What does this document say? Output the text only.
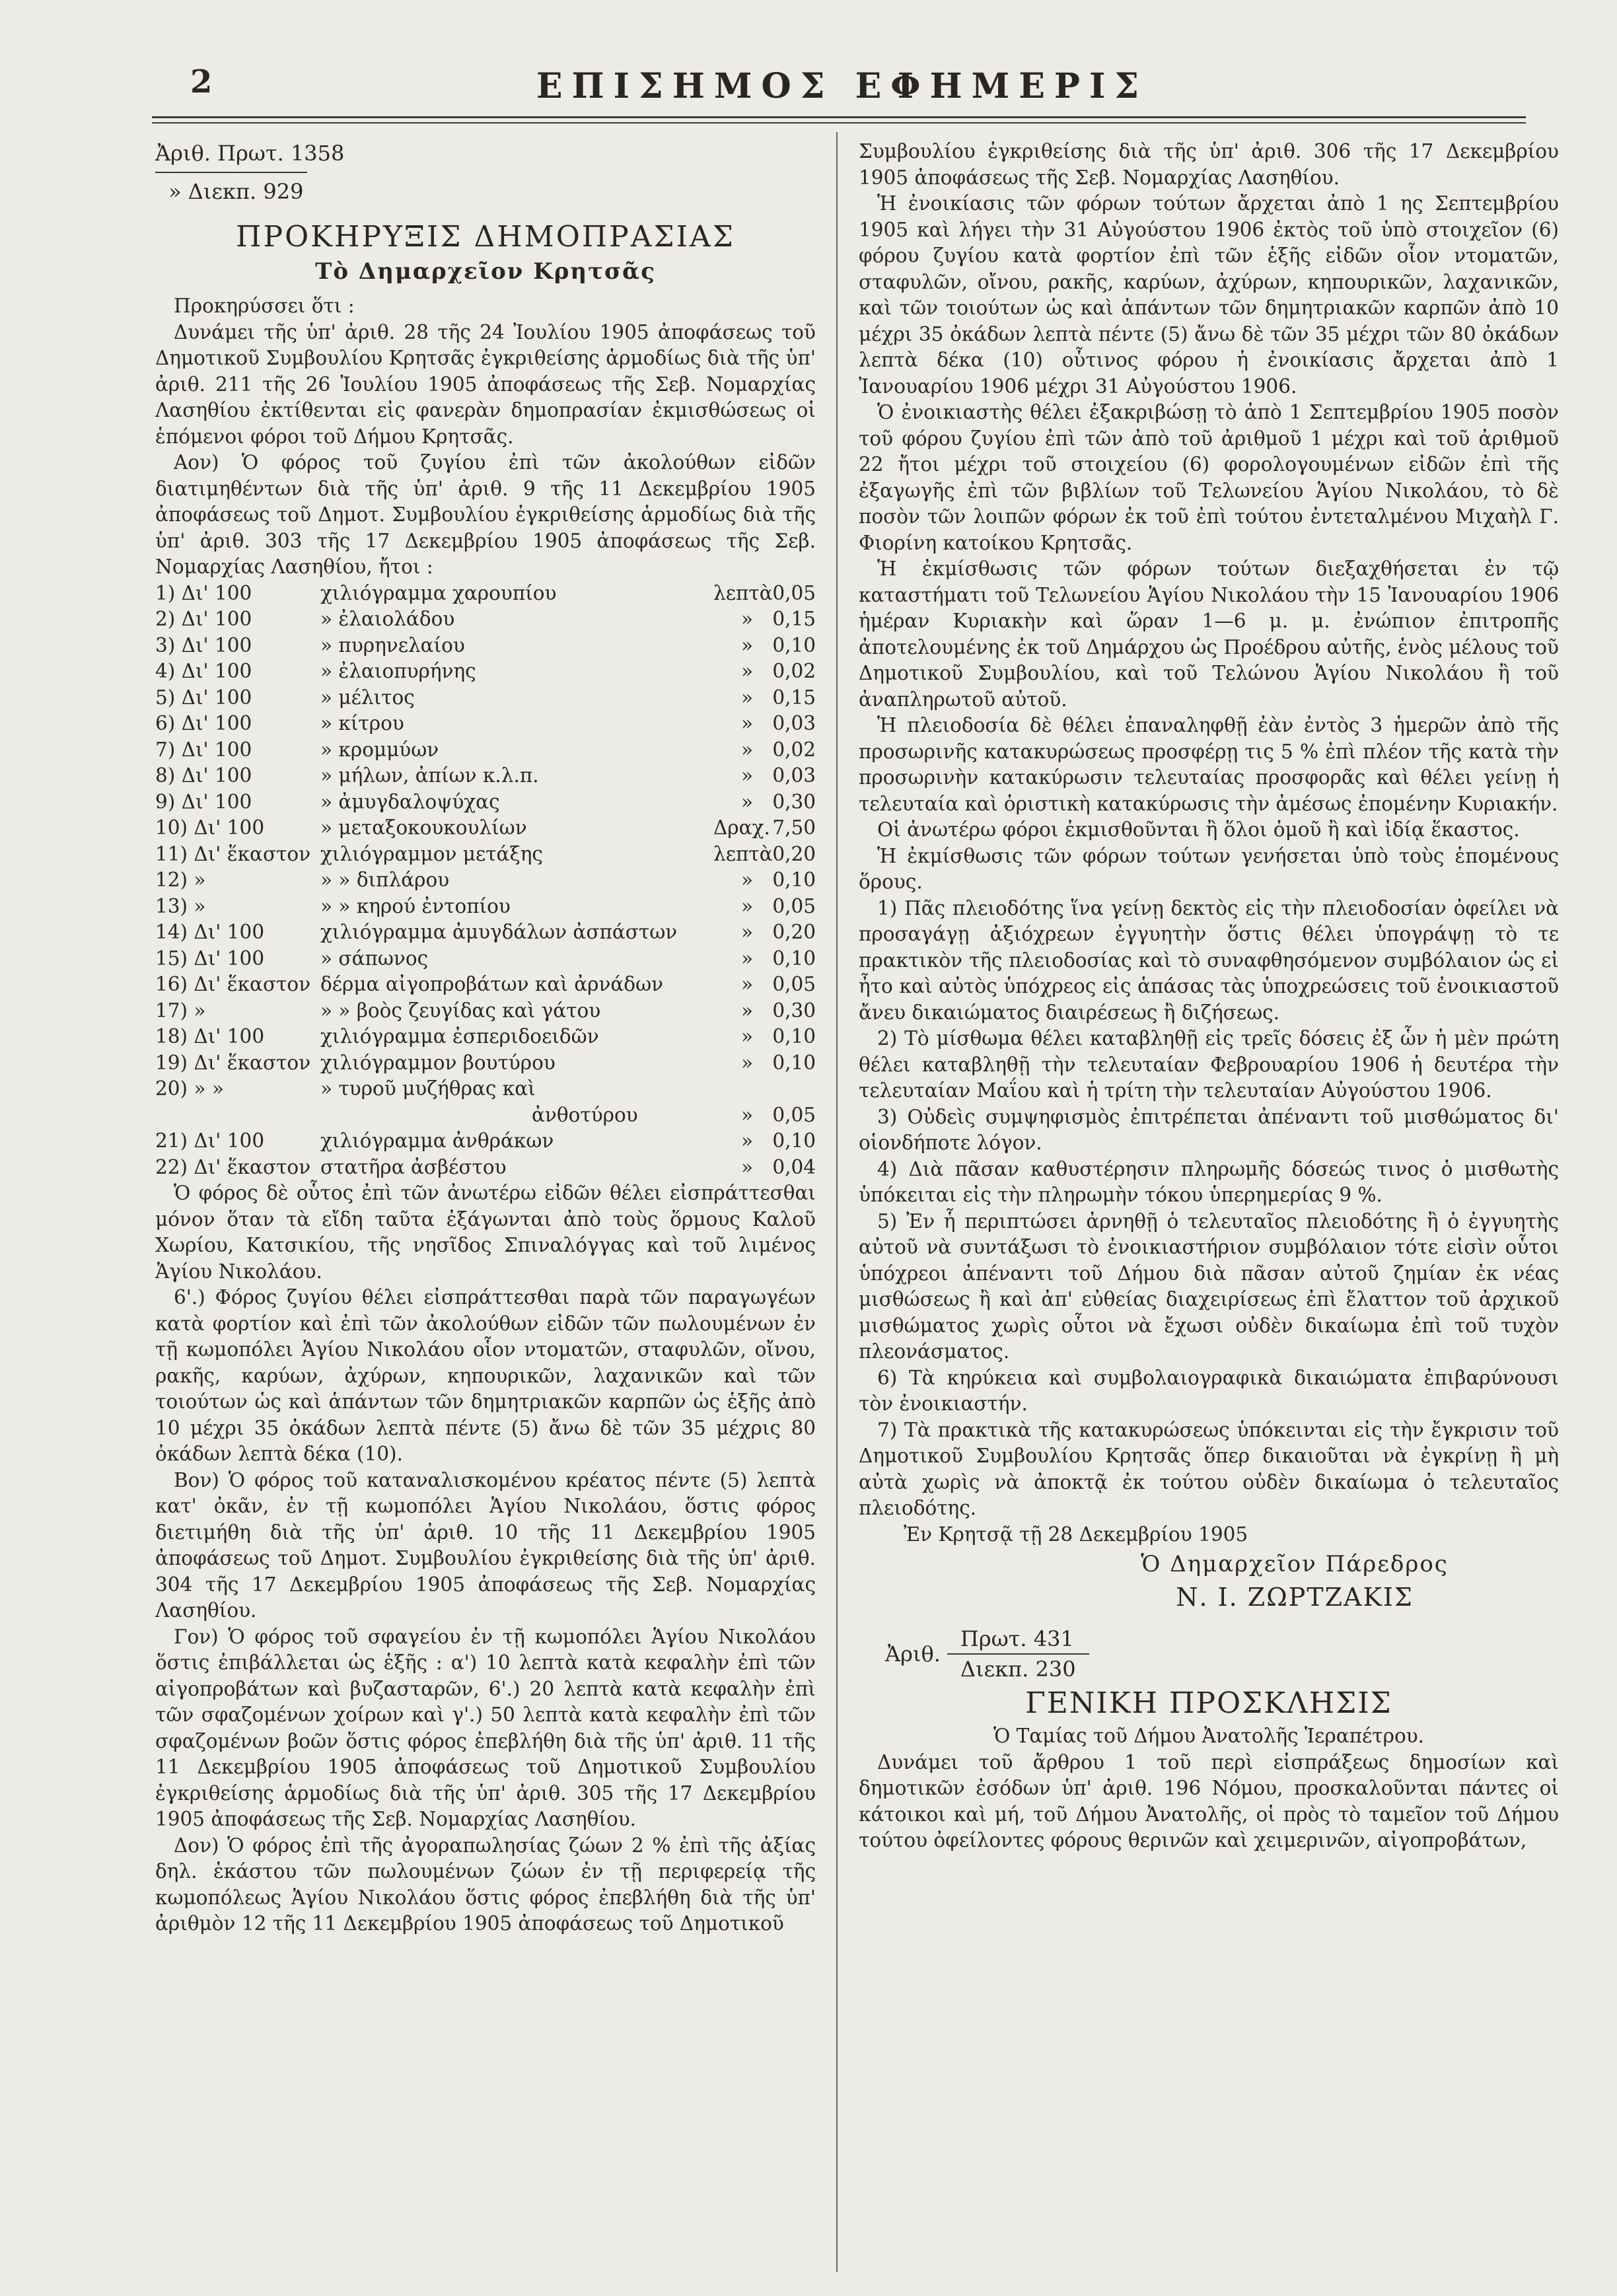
2	ΕΠΙΣΗΜΟΣ ΕΦΗΜΕΡΙΣ
Ἀριθ. Πρωτ. 1358
» Διεκπ. 929

ΠΡΟΚΗΡΥΞΙΣ ΔΗΜΟΠΡΑΣΙΑΣ

Τὸ Δημαρχεῖον Κρητσᾶς

Προκηρύσσει ὅτι :

Δυνάμει τῆς ὑπ' ἀριθ. 28 τῆς 24 Ἰουλίου 1905 ἀποφάσεως τοῦ Δημοτικοῦ Συμβουλίου Κρητσᾶς ἐγκριθείσης ἁρμοδίως διὰ τῆς ὑπ' ἀριθ. 211 τῆς 26 Ἰουλίου 1905 ἀποφάσεως τῆς Σεβ. Νομαρχίας Λασηθίου ἐκτίθενται εἰς φανερὰν δημοπρασίαν ἐκμισθώσεως οἱ ἑπόμενοι φόροι τοῦ Δήμου Κρητσᾶς.

Αον) Ὁ φόρος τοῦ ζυγίου ἐπὶ τῶν ἀκολούθων εἰδῶν διατιμηθέντων διὰ τῆς ὑπ' ἀριθ. 9 τῆς 11 Δεκεμβρίου 1905 ἀποφάσεως τοῦ Δημοτ. Συμβουλίου ἐγκριθείσης ἁρμοδίως διὰ τῆς ὑπ' ἀριθ. 303 τῆς 17 Δεκεμβρίου 1905 ἀποφάσεως τῆς Σεβ. Νομαρχίας Λασηθίου, ἤτοι :

1) Δι' 100	χιλιόγραμμα χαρουπίου	λεπτὰ 0,05
2) Δι' 100	» ἐλαιολάδου	» 0,15
3) Δι' 100	» πυρηνελαίου	» 0,10
4) Δι' 100	» ἐλαιοπυρήνης	» 0,02
5) Δι' 100	» μέλιτος	» 0,15
6) Δι' 100	» κίτρου	» 0,03
7) Δι' 100	» κρομμύων	» 0,02
8) Δι' 100	» μήλων, ἀπίων κ.λ.π.	» 0,03
9) Δι' 100	» ἀμυγδαλοψύχας	» 0,30
10) Δι' 100	» μεταξοκουκουλίων	Δραχ. 7,50
11) Δι' ἕκαστον χιλιόγραμμον μετάξης	λεπτὰ 0,20
12) »	» » διπλάρου	» 0,10
13) »	» » κηρού ἐντοπίου	» 0,05
14) Δι' 100	χιλιόγραμμα ἀμυγδάλων ἀσπάστων	» 0,20
15) Δι' 100	» σάπωνος	» 0,10
16) Δι' ἕκαστον δέρμα αἰγοπροβάτων καὶ ἀρνάδων	» 0,05
17) »	» » βοὸς ζευγίδας καὶ γάτου	» 0,30
18) Δι' 100	χιλιόγραμμα ἐσπεριδοειδῶν	» 0,10
19) Δι' ἕκαστον χιλιόγραμμον βουτύρου	» 0,10
20) » »	» τυροῦ μυζήθρας καὶ
ἀνθοτύρου	» 0,05
21) Δι' 100	χιλιόγραμμα ἀνθράκων	» 0,10
22) Δι' ἕκαστον στατῆρα ἀσβέστου	» 0,04

Ὁ φόρος δὲ οὗτος ἐπὶ τῶν ἀνωτέρω εἰδῶν θέλει εἰσπράττεσθαι μόνον ὅταν τὰ εἴδη ταῦτα ἐξάγωνται ἀπὸ τοὺς ὅρμους Καλοῦ Χωρίου, Κατσικίου, τῆς νησῖδος Σπιναλόγγας καὶ τοῦ λιμένος Ἁγίου Νικολάου.

6'.) Φόρος ζυγίου θέλει εἰσπράττεσθαι παρὰ τῶν παραγωγέων κατὰ φορτίον καὶ ἐπὶ τῶν ἀκολούθων εἰδῶν τῶν πωλουμένων ἐν τῇ κωμοπόλει Ἁγίου Νικολάου οἷον ντοματῶν, σταφυλῶν, οἴνου, ρακῆς, καρύων, ἀχύρων, κηπουρικῶν, λαχανικῶν καὶ τῶν τοιούτων ὡς καὶ ἁπάντων τῶν δημητριακῶν καρπῶν ὡς ἑξῆς ἀπὸ 10 μέχρι 35 ὀκάδων λεπτὰ πέντε (5) ἄνω δὲ τῶν 35 μέχρις 80 ὀκάδων λεπτὰ δέκα (10).

Βον) Ὁ φόρος τοῦ καταναλισκομένου κρέατος πέντε (5) λεπτὰ κατ' ὀκᾶν, ἐν τῇ κωμοπόλει Ἁγίου Νικολάου, ὅστις φόρος διετιμήθη διὰ τῆς ὑπ' ἀριθ. 10 τῆς 11 Δεκεμβρίου 1905 ἀποφάσεως τοῦ Δημοτ. Συμβουλίου ἐγκριθείσης διὰ τῆς ὑπ' ἀριθ. 304 τῆς 17 Δεκεμβρίου 1905 ἀποφάσεως τῆς Σεβ. Νομαρχίας Λασηθίου.

Γον) Ὁ φόρος τοῦ σφαγείου ἐν τῇ κωμοπόλει Ἁγίου Νικολάου ὅστις ἐπιβάλλεται ὡς ἑξῆς : α') 10 λεπτὰ κατὰ κεφαλὴν ἐπὶ τῶν αἰγοπροβάτων καὶ βυζασταρῶν, 6'.) 20 λεπτὰ κατὰ κεφαλὴν ἐπὶ τῶν σφαζομένων χοίρων καὶ γ'.) 50 λεπτὰ κατὰ κεφαλὴν ἐπὶ τῶν σφαζομένων βοῶν ὅστις φόρος ἐπεβλήθη διὰ τῆς ὑπ' ἀριθ. 11 τῆς 11 Δεκεμβρίου 1905 ἀποφάσεως τοῦ Δημοτικοῦ Συμβουλίου ἐγκριθείσης ἁρμοδίως διὰ τῆς ὑπ' ἀριθ. 305 τῆς 17 Δεκεμβρίου 1905 ἀποφάσεως τῆς Σεβ. Νομαρχίας Λασηθίου.

Δον) Ὁ φόρος ἐπὶ τῆς ἀγοραπωλησίας ζώων 2 % ἐπὶ τῆς ἀξίας δηλ. ἑκάστου τῶν πωλουμένων ζώων ἐν τῇ περιφερείᾳ τῆς κωμοπόλεως Ἁγίου Νικολάου ὅστις φόρος ἐπεβλήθη διὰ τῆς ὑπ' ἀριθμὸν 12 τῆς 11 Δεκεμβρίου 1905 ἀποφάσεως τοῦ Δημοτικοῦ

Συμβουλίου ἐγκριθείσης διὰ τῆς ὑπ' ἀριθ. 306 τῆς 17 Δεκεμβρίου 1905 ἀποφάσεως τῆς Σεβ. Νομαρχίας Λασηθίου.

Ἡ ἐνοικίασις τῶν φόρων τούτων ἄρχεται ἀπὸ 1 ης Σεπτεμβρίου 1905 καὶ λήγει τὴν 31 Αὐγούστου 1906 ἐκτὸς τοῦ ὑπὸ στοιχεῖον (6) φόρου ζυγίου κατὰ φορτίον ἐπὶ τῶν ἑξῆς εἰδῶν οἷον ντοματῶν, σταφυλῶν, οἴνου, ρακῆς, καρύων, ἀχύρων, κηπουρικῶν, λαχανικῶν, καὶ τῶν τοιούτων ὡς καὶ ἁπάντων τῶν δημητριακῶν καρπῶν ἀπὸ 10 μέχρι 35 ὀκάδων λεπτὰ πέντε (5) ἄνω δὲ τῶν 35 μέχρι τῶν 80 ὀκάδων λεπτὰ δέκα (10) οὗτινος φόρου ἡ ἐνοικίασις ἄρχεται ἀπὸ 1 Ἰανουαρίου 1906 μέχρι 31 Αὐγούστου 1906.

Ὁ ἐνοικιαστὴς θέλει ἐξακριβώσῃ τὸ ἀπὸ 1 Σεπτεμβρίου 1905 ποσὸν τοῦ φόρου ζυγίου ἐπὶ τῶν ἀπὸ τοῦ ἀριθμοῦ 1 μέχρι καὶ τοῦ ἀριθμοῦ 22 ἤτοι μέχρι τοῦ στοιχείου (6) φορολογουμένων εἰδῶν ἐπὶ τῆς ἐξαγωγῆς ἐπὶ τῶν βιβλίων τοῦ Τελωνείου Ἁγίου Νικολάου, τὸ δὲ ποσὸν τῶν λοιπῶν φόρων ἐκ τοῦ ἐπὶ τούτου ἐντεταλμένου Μιχαὴλ Γ. Φιορίνη κατοίκου Κρητσᾶς.

Ἡ ἐκμίσθωσις τῶν φόρων τούτων διεξαχθήσεται ἐν τῷ καταστήματι τοῦ Τελωνείου Ἁγίου Νικολάου τὴν 15 Ἰανουαρίου 1906 ἡμέραν Κυριακὴν καὶ ὥραν 1—6 μ. μ. ἐνώπιον ἐπιτροπῆς ἀποτελουμένης ἐκ τοῦ Δημάρχου ὡς Προέδρου αὐτῆς, ἑνὸς μέλους τοῦ Δημοτικοῦ Συμβουλίου, καὶ τοῦ Τελώνου Ἁγίου Νικολάου ἢ τοῦ ἀναπληρωτοῦ αὐτοῦ.

Ἡ πλειοδοσία δὲ θέλει ἐπαναληφθῇ ἐὰν ἐντὸς 3 ἡμερῶν ἀπὸ τῆς προσωρινῆς κατακυρώσεως προσφέρῃ τις 5 % ἐπὶ πλέον τῆς κατὰ τὴν προσωρινὴν κατακύρωσιν τελευταίας προσφορᾶς καὶ θέλει γείνῃ ἡ τελευταία καὶ ὁριστικὴ κατακύρωσις τὴν ἀμέσως ἐπομένην Κυριακήν.

Οἱ ἀνωτέρω φόροι ἐκμισθοῦνται ἢ ὅλοι ὁμοῦ ἢ καὶ ἰδίᾳ ἕκαστος.

Ἡ ἐκμίσθωσις τῶν φόρων τούτων γενήσεται ὑπὸ τοὺς ἑπομένους ὅρους.

1) Πᾶς πλειοδότης ἵνα γείνῃ δεκτὸς εἰς τὴν πλειοδοσίαν ὀφείλει νὰ προσαγάγῃ ἀξιόχρεων ἐγγυητὴν ὅστις θέλει ὑπογράψῃ τὸ τε πρακτικὸν τῆς πλειοδοσίας καὶ τὸ συναφθησόμενον συμβόλαιον ὡς εἰ ἦτο καὶ αὐτὸς ὑπόχρεος εἰς ἁπάσας τὰς ὑποχρεώσεις τοῦ ἐνοικιαστοῦ ἄνευ δικαιώματος διαιρέσεως ἢ διζήσεως.

2) Τὸ μίσθωμα θέλει καταβληθῇ εἰς τρεῖς δόσεις ἐξ ὧν ἡ μὲν πρώτη θέλει καταβληθῇ τὴν τελευταίαν Φεβρουαρίου 1906 ἡ δευτέρα τὴν τελευταίαν Μαΐου καὶ ἡ τρίτη τὴν τελευταίαν Αὐγούστου 1906.

3) Οὐδεὶς συμψηφισμὸς ἐπιτρέπεται ἀπέναντι τοῦ μισθώματος δι' οἱονδήποτε λόγον.

4) Διὰ πᾶσαν καθυστέρησιν πληρωμῆς δόσεώς τινος ὁ μισθωτὴς ὑπόκειται εἰς τὴν πληρωμὴν τόκου ὑπερημερίας 9 %.

5) Ἐν ἧ περιπτώσει ἀρνηθῇ ὁ τελευταῖος πλειοδότης ἢ ὁ ἐγγυητὴς αὐτοῦ νὰ συντάξωσι τὸ ἐνοικιαστήριον συμβόλαιον τότε εἰσὶν οὗτοι ὑπόχρεοι ἀπέναντι τοῦ Δήμου διὰ πᾶσαν αὐτοῦ ζημίαν ἐκ νέας μισθώσεως ἢ καὶ ἀπ' εὐθείας διαχειρίσεως ἐπὶ ἔλαττον τοῦ ἀρχικοῦ μισθώματος χωρὶς οὗτοι νὰ ἔχωσι οὐδὲν δικαίωμα ἐπὶ τοῦ τυχὸν πλεονάσματος.

6) Τὰ κηρύκεια καὶ συμβολαιογραφικὰ δικαιώματα ἐπιβαρύνουσι τὸν ἐνοικιαστήν.

7) Τὰ πρακτικὰ τῆς κατακυρώσεως ὑπόκεινται εἰς τὴν ἔγκρισιν τοῦ Δημοτικοῦ Συμβουλίου Κρητσᾶς ὅπερ δικαιοῦται νὰ ἐγκρίνῃ ἢ μὴ αὐτὰ χωρὶς νὰ ἀποκτᾷ ἐκ τούτου οὐδὲν δικαίωμα ὁ τελευταῖος πλειοδότης.

Ἐν Κρητσᾷ τῇ 28 Δεκεμβρίου 1905

Ὁ Δημαρχεῖον Πάρεδρος

Ν. Ι. ΖΩΡΤΖΑΚΙΣ

Ἀριθ.
Πρωτ. 431
Διεκπ. 230

ΓΕΝΙΚΗ ΠΡΟΣΚΛΗΣΙΣ

Ὁ Ταμίας τοῦ Δήμου Ἀνατολῆς Ἱεραπέτρου.

Δυνάμει τοῦ ἄρθρου 1 τοῦ περὶ εἰσπράξεως δημοσίων καὶ δημοτικῶν ἐσόδων ὑπ' ἀριθ. 196 Νόμου, προσκαλοῦνται πάντες οἱ κάτοικοι καὶ μή, τοῦ Δήμου Ἀνατολῆς, οἱ πρὸς τὸ ταμεῖον τοῦ Δήμου τούτου ὀφείλοντες φόρους θερινῶν καὶ χειμερινῶν, αἰγοπροβάτων,
